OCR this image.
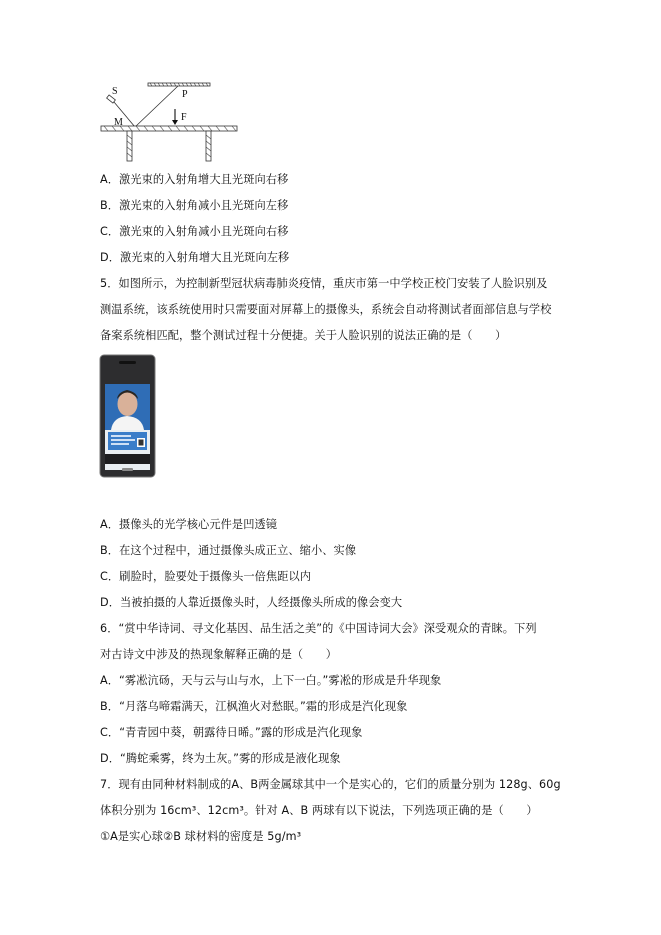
S	P
M	F
A．激光束的入射角增大且光斑向右移
B．激光束的入射角减小且光斑向左移
C．激光束的入射角减小且光斑向右移
D．激光束的入射角增大且光斑向左移
5．如图所示，为控制新型冠状病毒肺炎疫情，重庆市第一中学校正校门安装了人脸识别及
测温系统，该系统使用时只需要面对屏幕上的摄像头，系统会自动将测试者面部信息与学校
备案系统相匹配，整个测试过程十分便捷。关于人脸识别的说法正确的是（　　）
A．摄像头的光学核心元件是凹透镜
B．在这个过程中，通过摄像头成正立、缩小、实像
C．刷脸时，脸要处于摄像头一倍焦距以内
D．当被拍摄的人靠近摄像头时，人经摄像头所成的像会变大
6．“赏中华诗词、寻文化基因、品生活之美”的《中国诗词大会》深受观众的青睐。下列
对古诗文中涉及的热现象解释正确的是（　　）
A．“雾凇沆砀，天与云与山与水，上下一白。”雾凇的形成是升华现象
B．“月落乌啼霜满天，江枫渔火对愁眠。”霜的形成是汽化现象
C．“青青园中葵，朝露待日晞。”露的形成是汽化现象
D．“腾蛇乘雾，终为土灰。”雾的形成是液化现象
7．现有由同种材料制成的A、B两金属球其中一个是实心的，它们的质量分别为 128g、60g
体积分别为 16cm³、12cm³。针对 A、B 两球有以下说法，下列选项正确的是（　　）
①A是实心球②B 球材料的密度是 5g/m³
